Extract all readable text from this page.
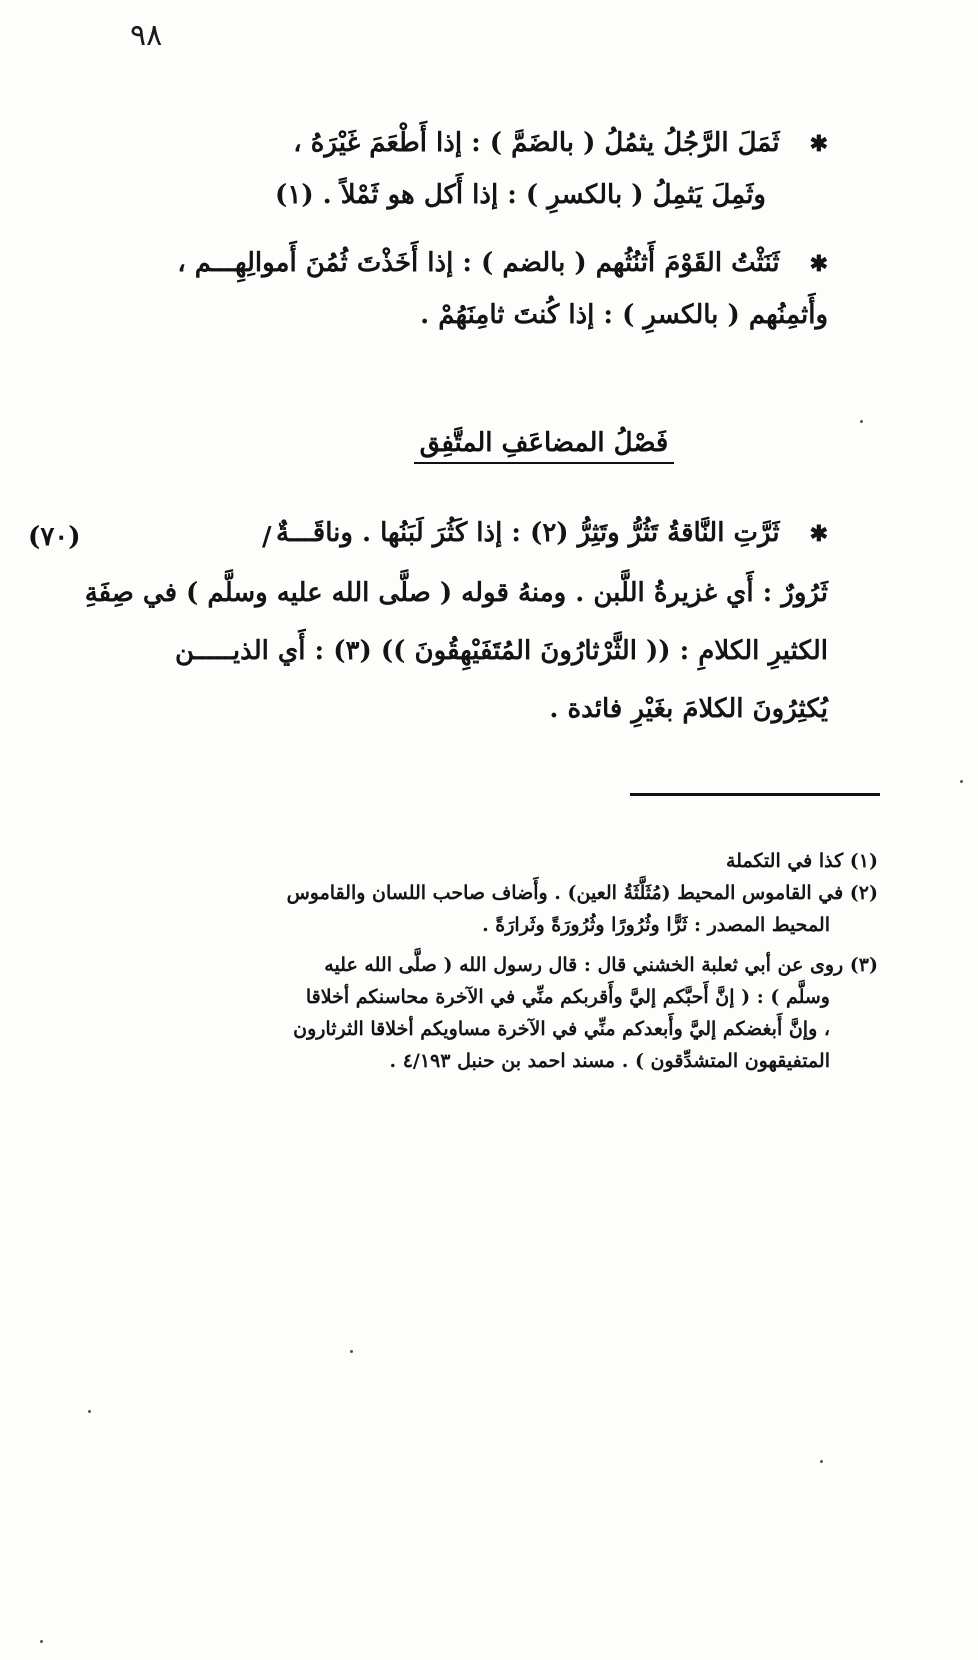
٩٨
✱ثَمَلَ الرَّجُلُ يثمُلُ ( بالضَمَّ ) : إذا أَطْعَمَ غَيْرَهُ ،
وثَمِلَ يَثمِلُ ( بالكسرِ ) : إذا أَكل هو ثَمْلاً . (١)
✱ثَنَثْتُ القَوْمَ أَثنُثُهم ( بالضم ) : إذا أَخَذْتَ ثُمُنَ أَموالِهِـــم ،
وأَثمِنُهم ( بالكسرِ ) : إذا كُنتَ ثامِنَهُمْ .
فَصْلُ المضاعَفِ المتَّفِق
(٧٠)	/	✱ثَرَّتِ النَّاقةُ تَثُرُّ وتَثِرُّ (٢) : إذا كَثُرَ لَبَنُها . وناقَـــةٌ
ثَرُورٌ : أَي غزيرةُ اللَّبن . ومنهُ قوله ( صلَّى الله عليه وسلَّم ) في صِفَةِ
الكثيرِ الكلامِ : (( الثَّرْثارُونَ المُتَفَيْهِقُونَ )) (٣) : أَي الذيـــــن
يُكثِرُونَ الكلامَ بغَيْرِ فائدة .
(١) كذا في التكملة
(٢) في القاموس المحيط (مُثَلَّثَةُ العين) . وأَضاف صاحب اللسان والقاموس
المحيط المصدر : ثَرًّا وثُرُورًا وثُرُورَةً وثَرارَةً .
(٣) روى عن أبي ثعلبة الخشني قال : قال رسول الله ( صلَّى الله عليه
وسلَّم ) : ( إنَّ أَحبَّكم إليَّ وأَقربكم منِّي في الآخرة محاسنكم أخلاقا
، وإنَّ أَبغضكم إليَّ وأَبعدكم منِّي في الآخرة مساويكم أخلاقا الثرثارون
المتفيقهون المتشدِّقون ) . مسند احمد بن حنبل ٤/١٩٣ .
